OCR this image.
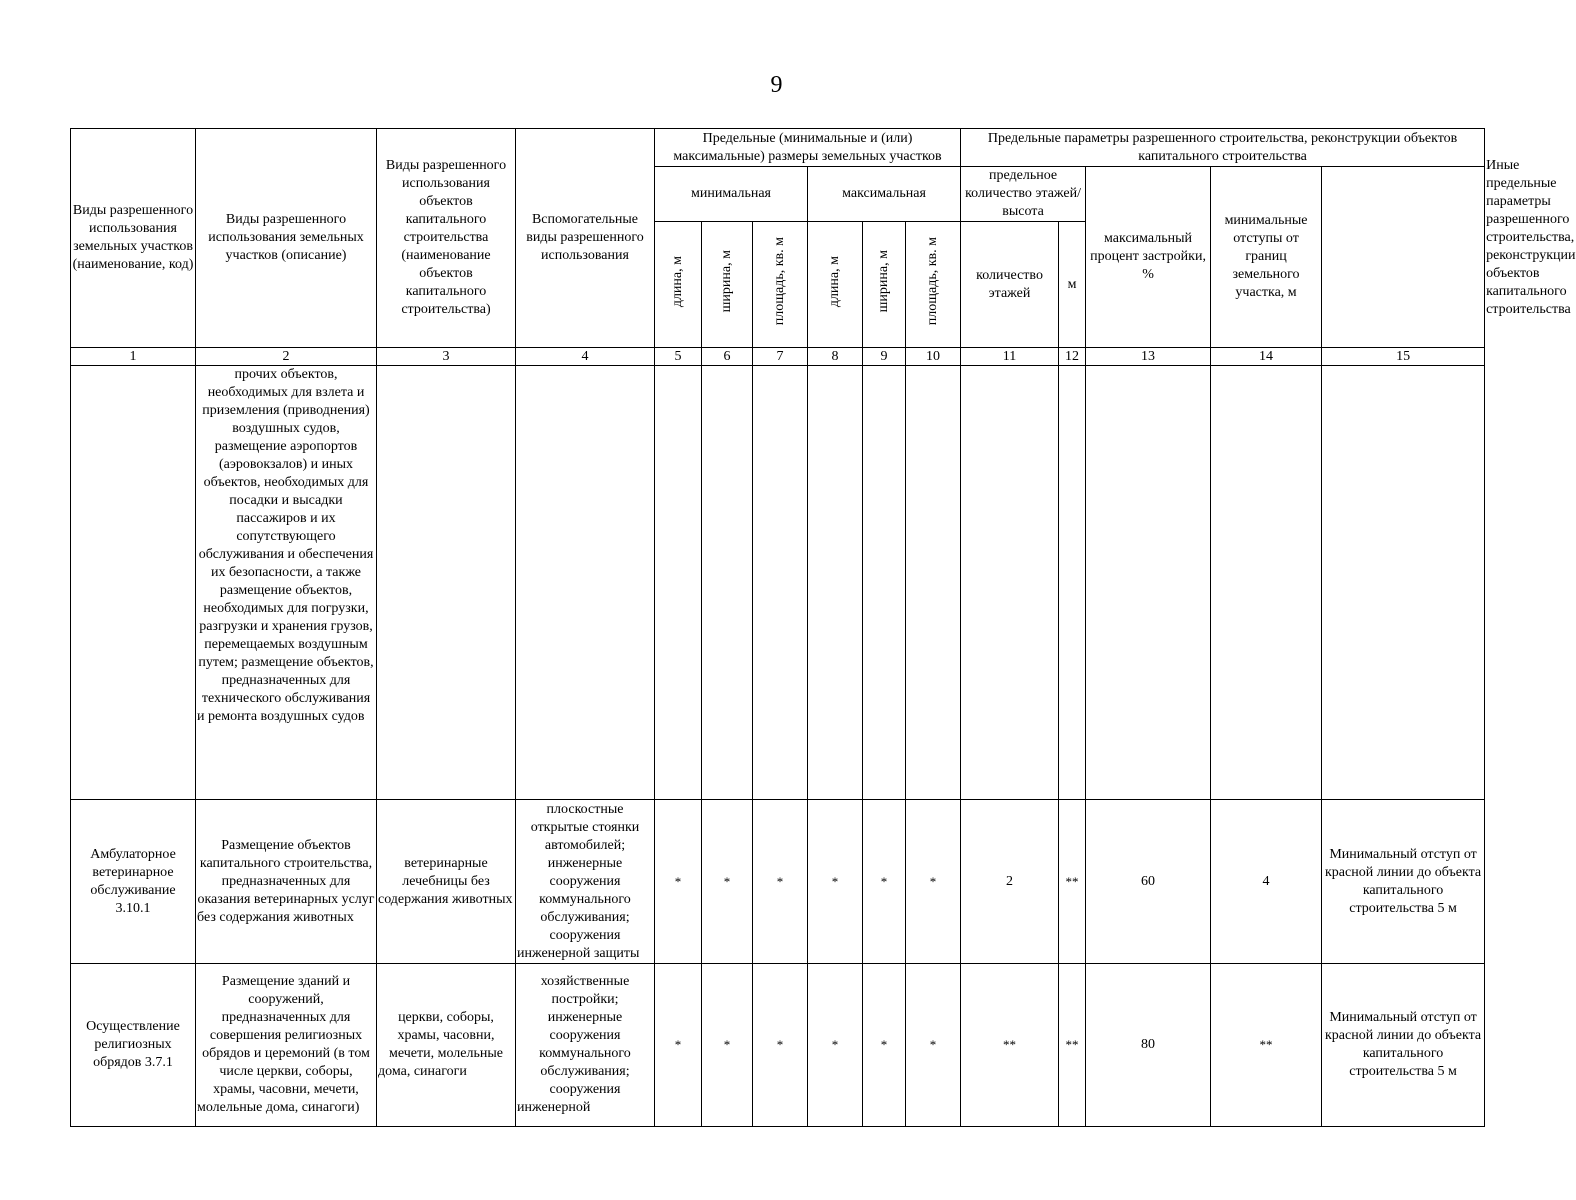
9
Виды разрешенного использования земельных участков (наименование, код)	Виды разрешенного использования земельных участков (описание)	Виды разрешенного использования объектов капитального строительства (наименование объектов капитального строительства)	Вспомогательные виды разрешенного использования	Предельные (минимальные и (или) максимальные) размеры земельных участков						Предельные параметры разрешенного строительства, реконструкции объектов капитального строительства					Иные предельные параметры разрешенного строительства, реконструкции объектов капитального строительства
				минимальная			максимальная			предельное количество этажей/высота		максимальный процент застройки, %	минимальные отступы от границ земельного участка, м		

				длина, м	ширина, м	площадь, кв. м	длина, м	ширина, м	площадь, кв. м	количество этажей	м				
1	2	3	4	5	6	7	8	9	10	11	12	13	14	15	
	прочих объектов, необходимых для взлета и приземления (приводнения) воздушных судов, размещение аэропортов (аэровокзалов) и иных объектов, необходимых для посадки и высадки пассажиров и их сопутствующего обслуживания и обеспечения их безопасности, а также размещение объектов, необходимых для погрузки, разгрузки и хранения грузов, перемещаемых воздушным путем; размещение объектов, предназначенных для технического обслуживания и ремонта воздушных судов														
Амбулаторное ветеринарное обслуживание 3.10.1	Размещение объектов капитального строительства, предназначенных для оказания ветеринарных услуг без содержания животных	ветеринарные лечебницы без содержания животных	плоскостные открытые стоянки автомобилей; инженерные сооружения коммунального обслуживания; сооружения инженерной защиты	*	*	*	*	*	*	2	**	60	4	Минимальный отступ от красной линии до объекта капитального строительства 5 м	
Осуществление религиозных обрядов 3.7.1	Размещение зданий и сооружений, предназначенных для совершения религиозных обрядов и церемоний (в том числе церкви, соборы, храмы, часовни, мечети, молельные дома, синагоги)	церкви, соборы, храмы, часовни, мечети, молельные дома, синагоги	хозяйственные постройки; инженерные сооружения коммунального обслуживания; сооружения инженерной	*	*	*	*	*	*	**	**	80	**	Минимальный отступ от красной линии до объекта капитального строительства 5 м	
